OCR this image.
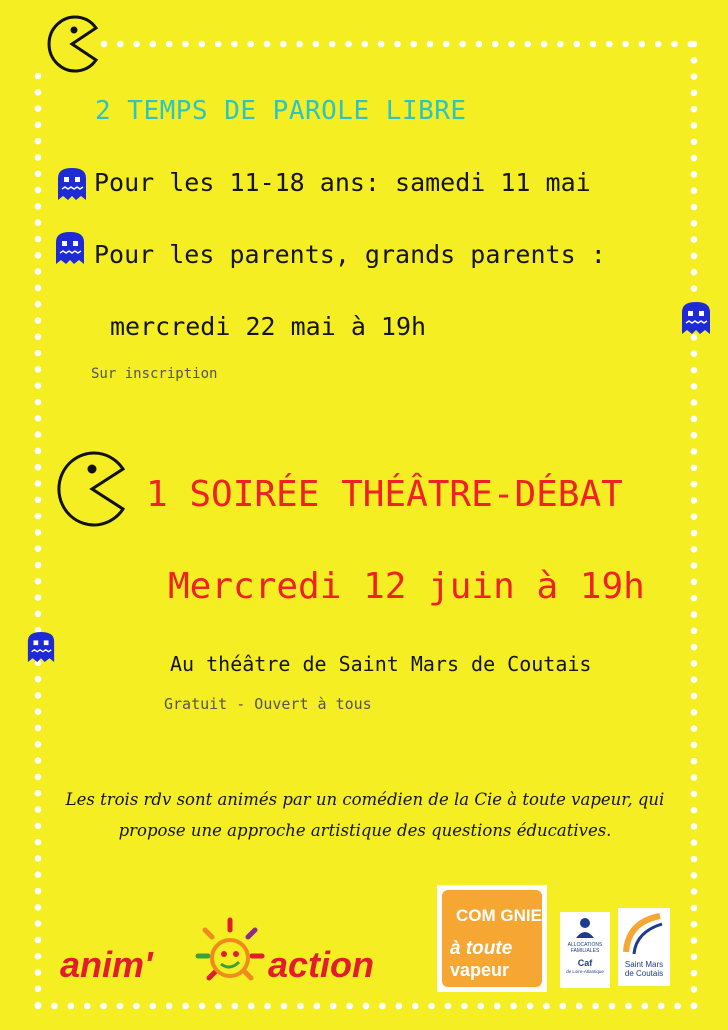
2 TEMPS DE PAROLE LIBRE
Pour les 11-18 ans: samedi 11 mai
Pour les parents, grands parents :
mercredi 22 mai à 19h
Sur inscription
1 SOIRÉE THÉÂTRE-DÉBAT
Mercredi 12 juin à 19h
Au théâtre de Saint Mars de Coutais
Gratuit - Ouvert à tous
Les trois rdv sont animés par un comédien de la Cie à toute vapeur, qui
propose une approche artistique des questions éducatives.
anim'	action
COM GNIE
à toute
vapeur
ALLOCATIONS FAMILIALES
Caf
de Loire-Atlantique
Saint Mars
de Coutais
